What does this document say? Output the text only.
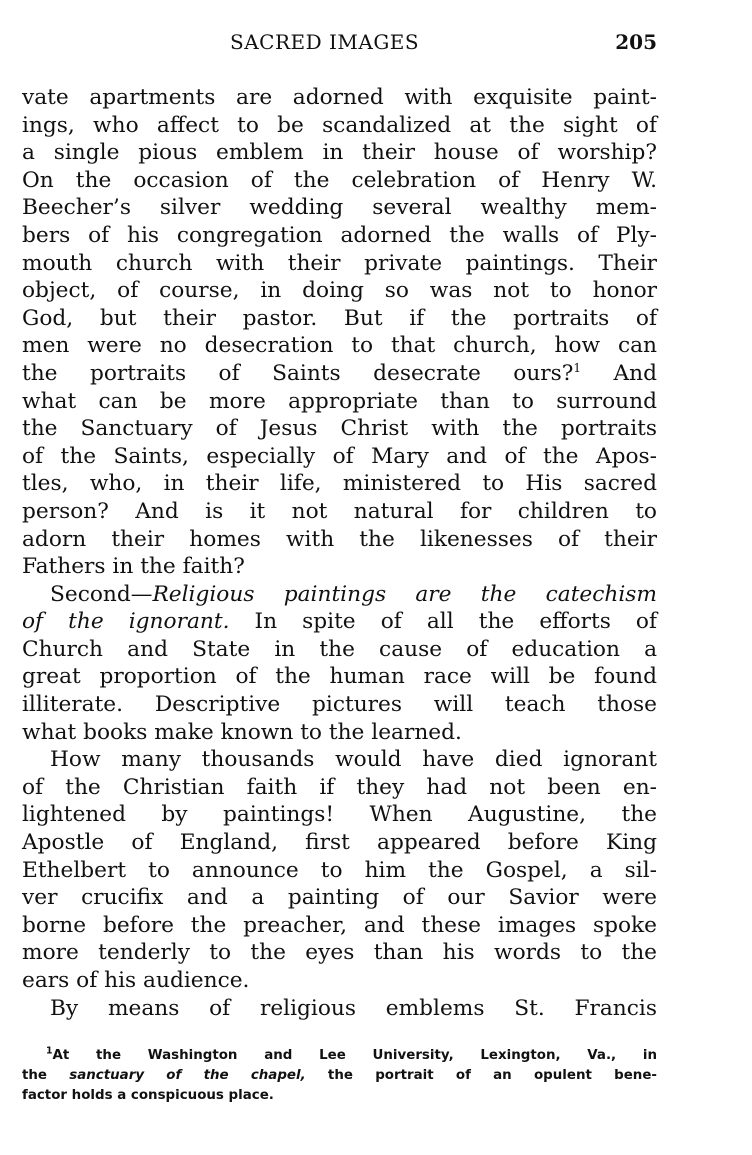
SACRED IMAGES	205
vate apartments are adorned with exquisite paint-
ings, who affect to be scandalized at the sight of
a single pious emblem in their house of worship?
On the occasion of the celebration of Henry W.
Beecher’s silver wedding several wealthy mem-
bers of his congregation adorned the walls of Ply-
mouth church with their private paintings. Their
object, of course, in doing so was not to honor
God, but their pastor. But if the portraits of
men were no desecration to that church, how can
the portraits of Saints desecrate ours?$^1$ And
what can be more appropriate than to surround
the Sanctuary of Jesus Christ with the portraits
of the Saints, especially of Mary and of the Apos-
tles, who, in their life, ministered to His sacred
person? And is it not natural for children to
adorn their homes with the likenesses of their
Fathers in the faith?
Second—Religious paintings are the catechism
of the ignorant. In spite of all the efforts of
Church and State in the cause of education a
great proportion of the human race will be found
illiterate. Descriptive pictures will teach those
what books make known to the learned.
How many thousands would have died ignorant
of the Christian faith if they had not been en-
lightened by paintings! When Augustine, the
Apostle of England, first appeared before King
Ethelbert to announce to him the Gospel, a sil-
ver crucifix and a painting of our Savior were
borne before the preacher, and these images spoke
more tenderly to the eyes than his words to the
ears of his audience.
By means of religious emblems St. Francis
$^1$At the Washington and Lee University, Lexington, Va., in
the sanctuary of the chapel, the portrait of an opulent bene-
factor holds a conspicuous place.
